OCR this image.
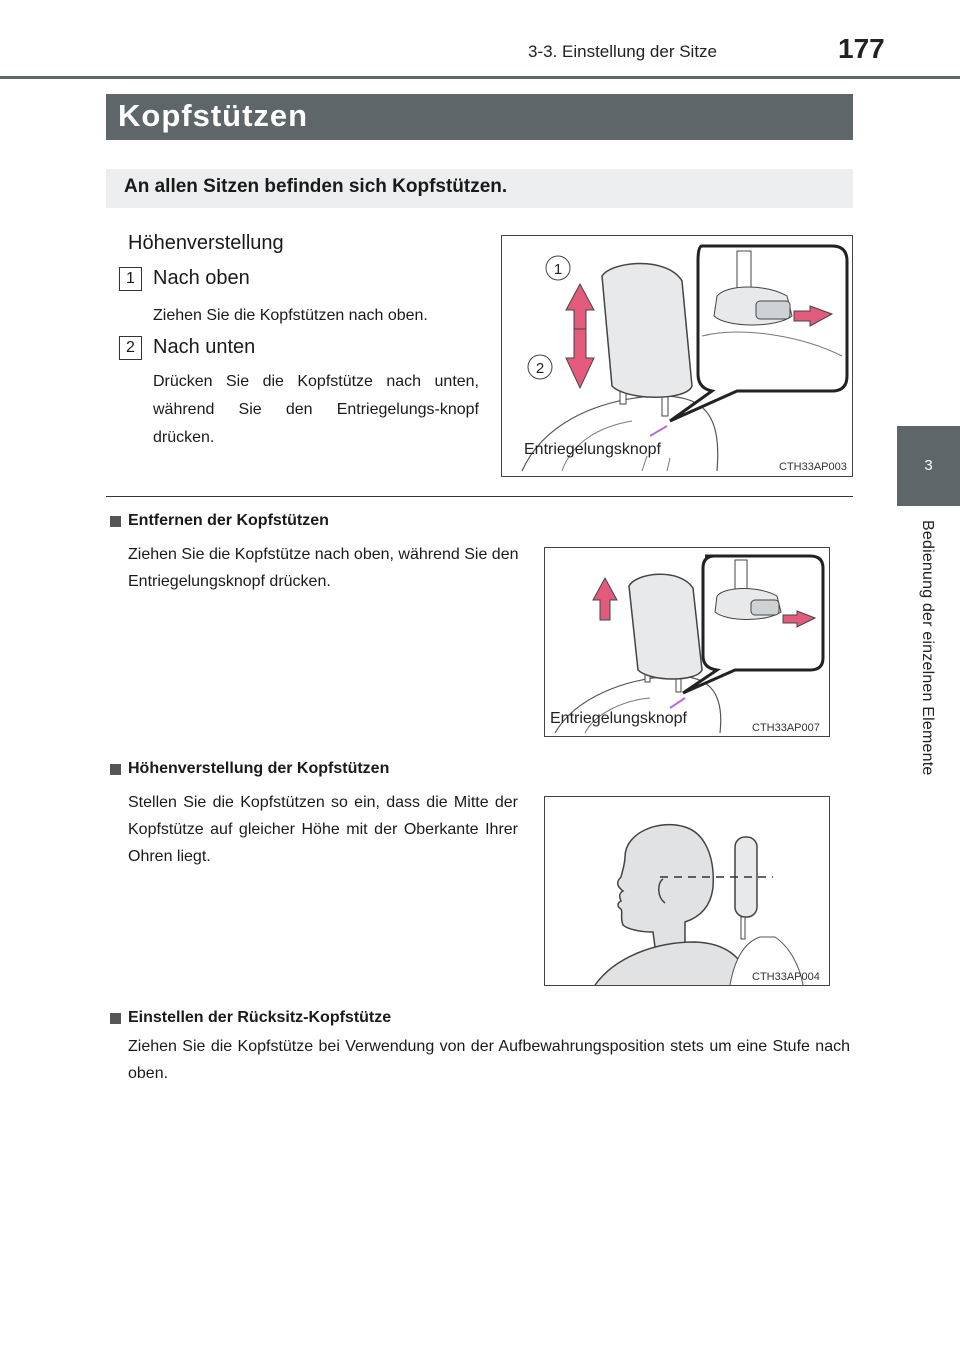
3-3. Einstellung der Sitze	177
3
Bedienung der einzelnen Elemente
Kopfstützen
An allen Sitzen befinden sich Kopfstützen.
Höhenverstellung
1 Nach oben
Ziehen Sie die Kopfstützen nach oben.
2 Nach unten
Drücken Sie die Kopfstütze nach unten, während Sie den Entriegelungs-knopf drücken.
1
2
Entriegelungsknopf
CTH33AP003
Entfernen der Kopfstützen
Ziehen Sie die Kopfstütze nach oben, während Sie den Entriegelungsknopf drücken.
Entriegelungsknopf
CTH33AP007
Höhenverstellung der Kopfstützen
Stellen Sie die Kopfstützen so ein, dass die Mitte der Kopfstütze auf gleicher Höhe mit der Oberkante Ihrer Ohren liegt.
CTH33AP004
Einstellen der Rücksitz-Kopfstütze
Ziehen Sie die Kopfstütze bei Verwendung von der Aufbewahrungsposition stets um eine Stufe nach oben.
